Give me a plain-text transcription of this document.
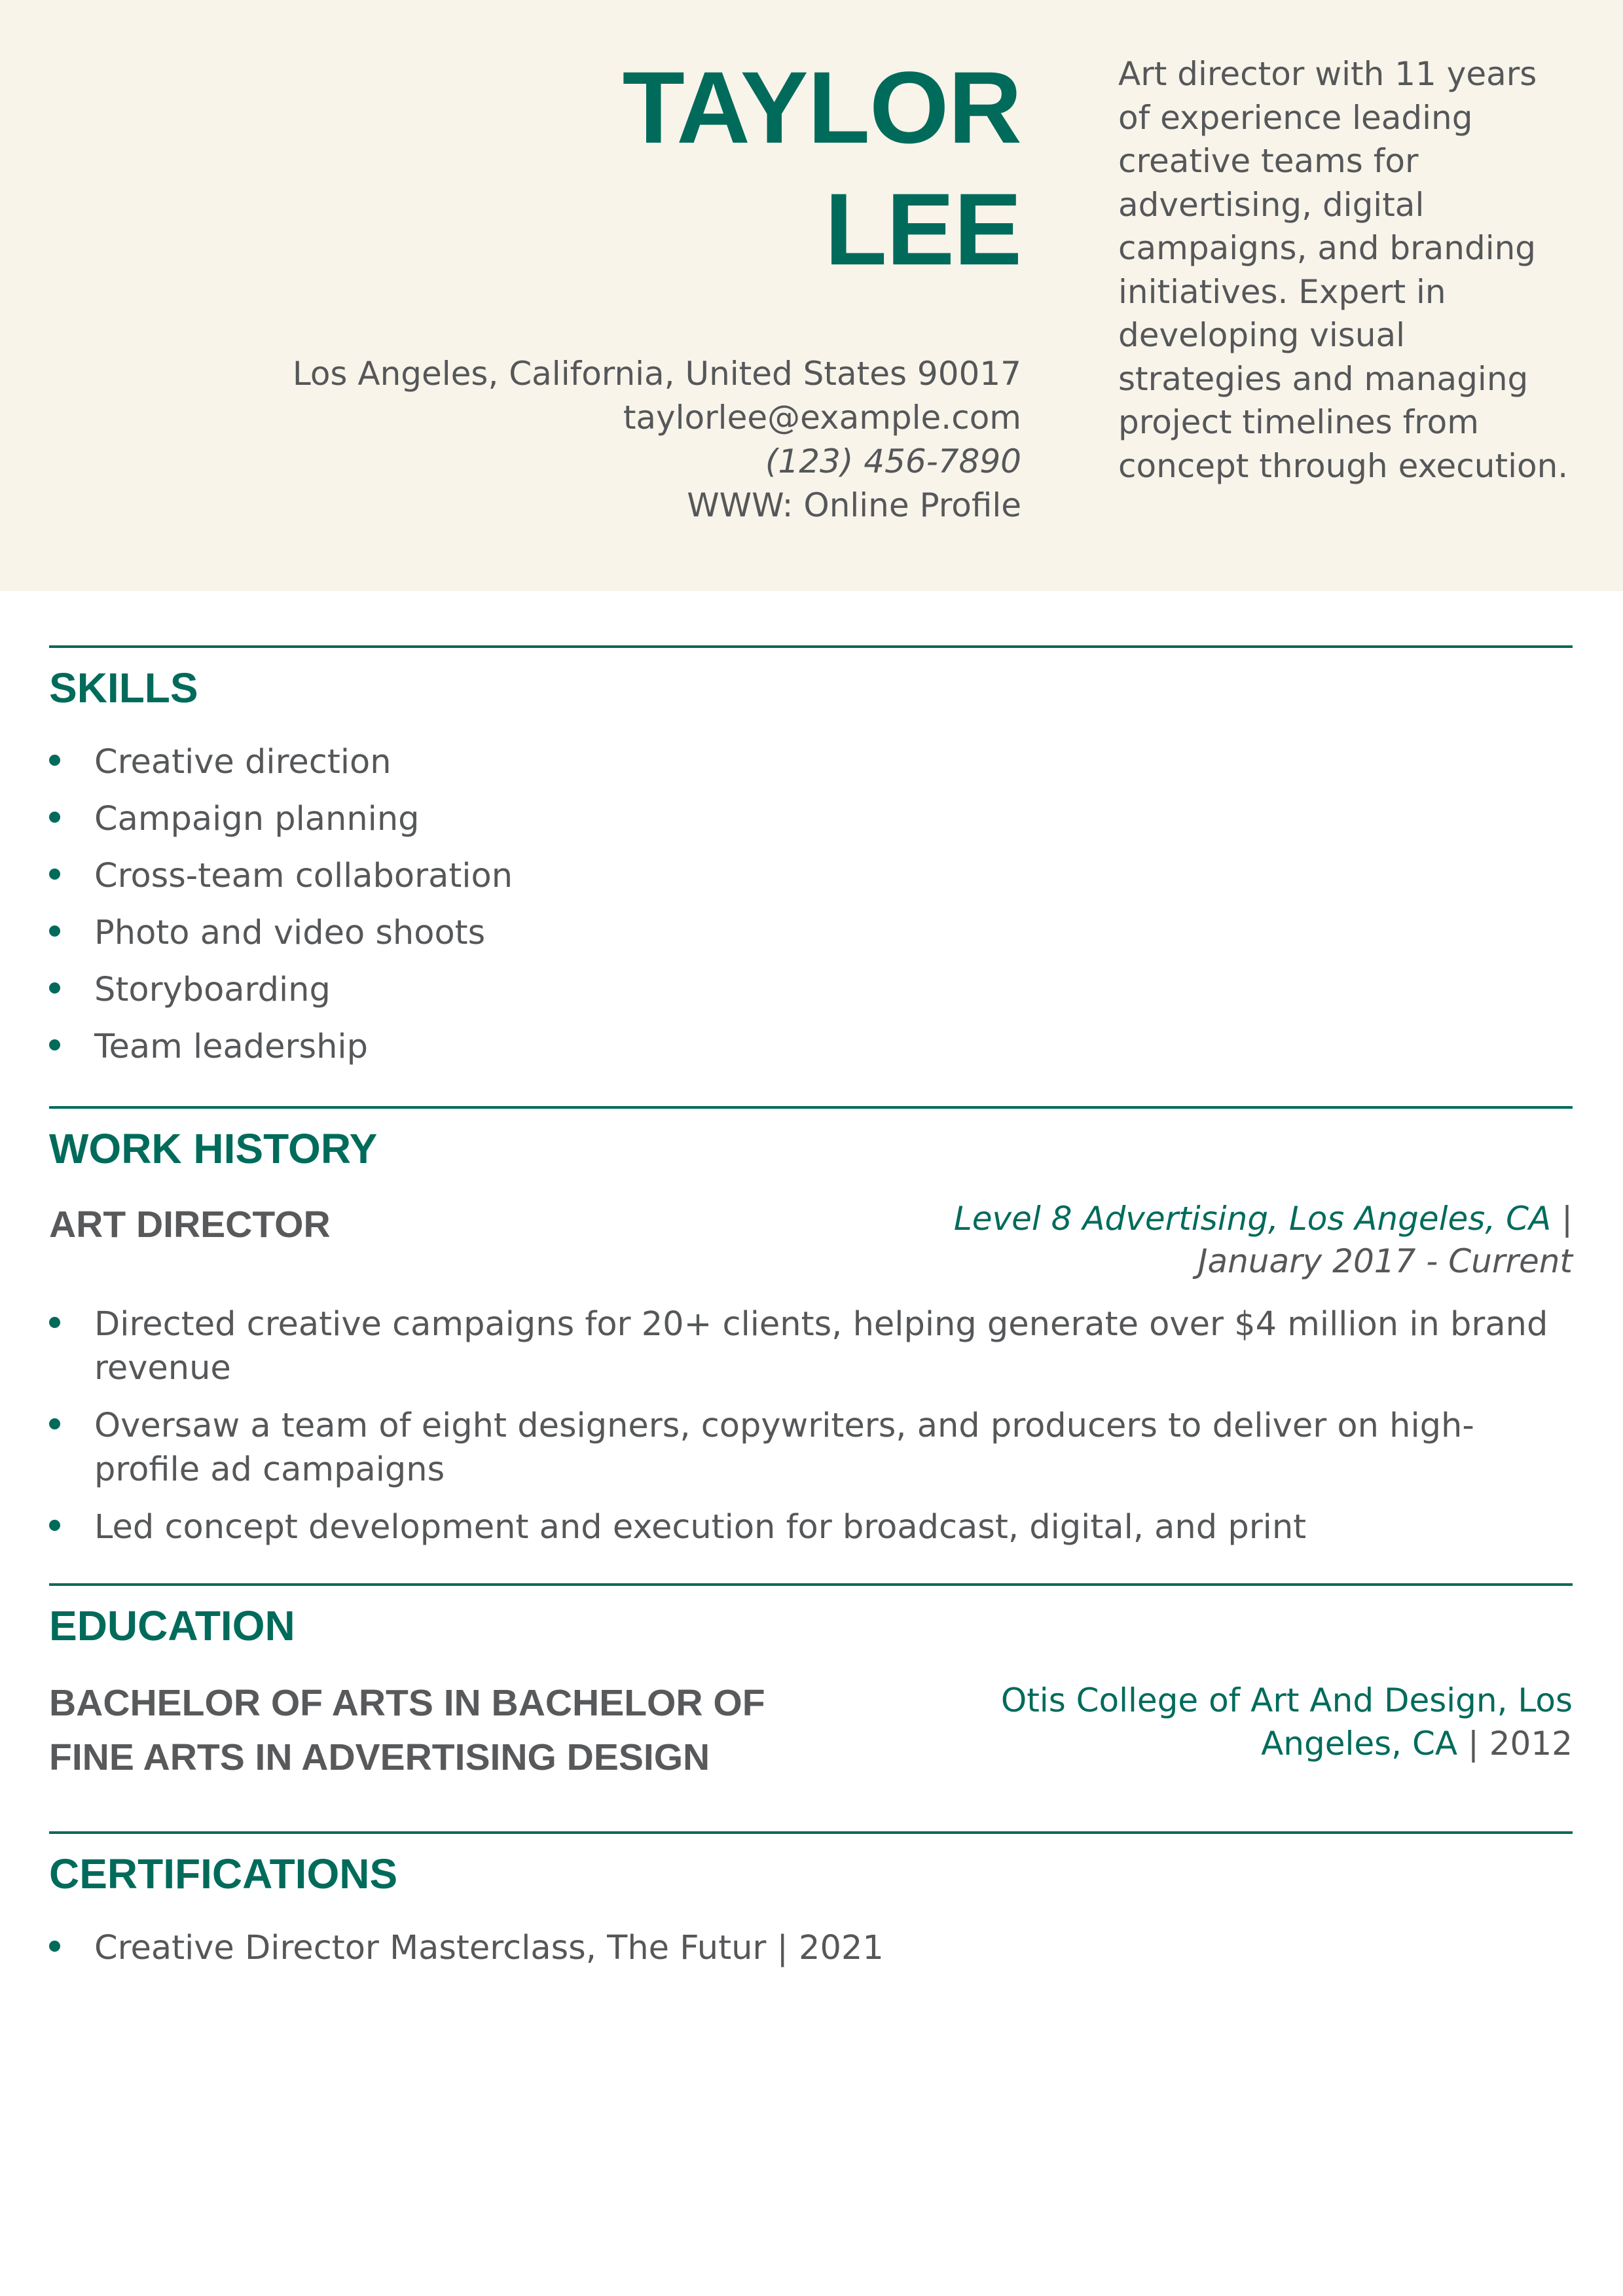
TAYLOR
LEE
Los Angeles, California, United States 90017
taylorlee@example.com
(123) 456-7890
WWW: Online Profile
Art director with 11 years of experience leading creative teams for advertising, digital campaigns, and branding initiatives. Expert in developing visual strategies and managing project timelines from concept through execution.
SKILLS
Creative direction
Campaign planning
Cross-team collaboration
Photo and video shoots
Storyboarding
Team leadership
WORK HISTORY
ART DIRECTOR	Level 8 Advertising, Los Angeles, CA |
January 2017 - Current
Directed creative campaigns for 20+ clients, helping generate over $4 million in brand revenue
Oversaw a team of eight designers, copywriters, and producers to deliver on high-profile ad campaigns
Led concept development and execution for broadcast, digital, and print
EDUCATION
BACHELOR OF ARTS IN BACHELOR OF FINE ARTS IN ADVERTISING DESIGN
Otis College of Art And Design, Los Angeles, CA | 2012
CERTIFICATIONS
Creative Director Masterclass, The Futur | 2021
